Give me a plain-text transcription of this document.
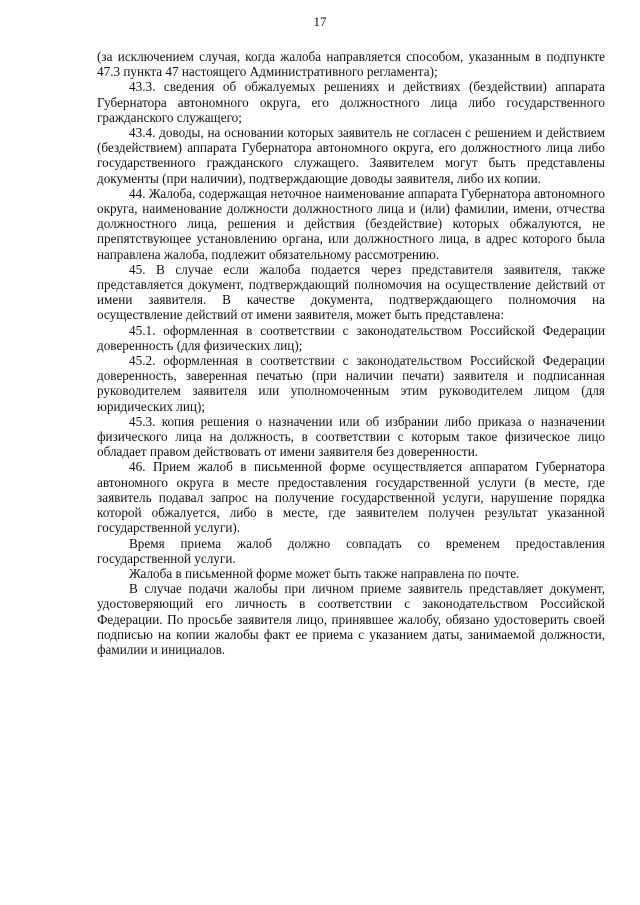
17

(за исключением случая, когда жалоба направляется способом, указанным в подпункте 47.3 пункта 47 настоящего Административного регламента);

43.3. сведения об обжалуемых решениях и действиях (бездействии) аппарата Губернатора автономного округа, его должностного лица либо государственного гражданского служащего;

43.4. доводы, на основании которых заявитель не согласен с решением и действием (бездействием) аппарата Губернатора автономного округа, его должностного лица либо государственного гражданского служащего. Заявителем могут быть представлены документы (при наличии), подтверждающие доводы заявителя, либо их копии.

44. Жалоба, содержащая неточное наименование аппарата Губернатора автономного округа, наименование должности должностного лица и (или) фамилии, имени, отчества должностного лица, решения и действия (бездействие) которых обжалуются, не препятствующее установлению органа, или должностного лица, в адрес которого была направлена жалоба, подлежит обязательному рассмотрению.

45. В случае если жалоба подается через представителя заявителя, также представляется документ, подтверждающий полномочия на осуществление действий от имени заявителя. В качестве документа, подтверждающего полномочия на осуществление действий от имени заявителя, может быть представлена:

45.1. оформленная в соответствии с законодательством Российской Федерации доверенность (для физических лиц);

45.2. оформленная в соответствии с законодательством Российской Федерации доверенность, заверенная печатью (при наличии печати) заявителя и подписанная руководителем заявителя или уполномоченным этим руководителем лицом (для юридических лиц);

45.3. копия решения о назначении или об избрании либо приказа о назначении физического лица на должность, в соответствии с которым такое физическое лицо обладает правом действовать от имени заявителя без доверенности.

46. Прием жалоб в письменной форме осуществляется аппаратом Губернатора автономного округа в месте предоставления государственной услуги (в месте, где заявитель подавал запрос на получение государственной услуги, нарушение порядка которой обжалуется, либо в месте, где заявителем получен результат указанной государственной услуги).

Время приема жалоб должно совпадать со временем предоставления государственной услуги.

Жалоба в письменной форме может быть также направлена по почте.

В случае подачи жалобы при личном приеме заявитель представляет документ, удостоверяющий его личность в соответствии с законодательством Российской Федерации. По просьбе заявителя лицо, принявшее жалобу, обязано удостоверить своей подписью на копии жалобы факт ее приема с указанием даты, занимаемой должности, фамилии и инициалов.
